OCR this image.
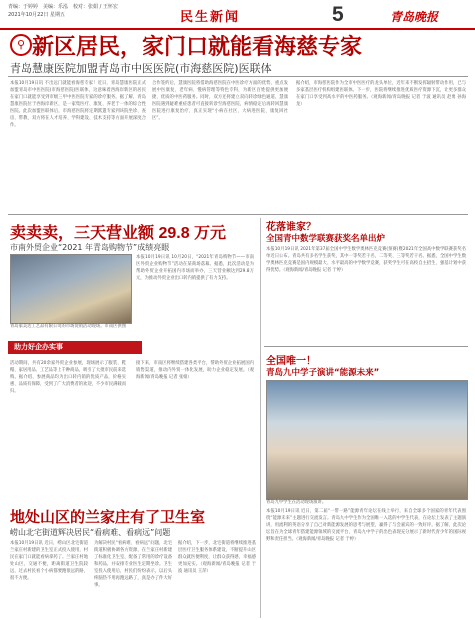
青编：于婷婷　美编：乐泓　校对：张娟 / 王怀宏
2021年10月22日 星期五	民生新闻	5	青岛晚报
⚲ 新区居民，家门口就能看海慈专家
青岛慧康医院加盟青岛市中医医院(市海慈医院)医联体
本报10月19日讯 不出远门就能看海慈专家！近日，青岛慧康医院正式加盟青岛市中医医院(市海慈医院)医联体，这意味着西海岸新区的居民在家门口就能享受到市级三甲中医医院专家的诊疗服务。据了解，青岛慧康医院位于西海岸新区，是一家集医疗、康复、养老于一体的综合性医院。此次加盟医联体后，市海慈医院将定期派遣专家到该院坐诊、查房、带教，双方将在人才培养、学科建设、技术支持等方面开展深度合作。
合作签约后，慧康医院将借助海慈医院在中医诊疗方面的优势，重点发展中医康复、老年病、慢病管理等特色专科，为新区百姓提供更加便捷、优质的中医药服务。同时，双方还将建立双向转诊绿色通道，慧康医院遇到疑难重症患者可直接转诊至海慈医院，病情稳定后再转回慧康医院进行康复治疗，真正实现“小病在社区、大病进医院、康复回社区”。
据介绍，市海慈医院作为全市中医医疗的龙头单位，近年来不断发挥辐射带动作用，已与多家基层医疗机构组建医联体。下一步，医院将继续推进优质医疗资源下沉，让更多群众在家门口享受到高水平的中医药服务。（观海新闻/青岛晚报 记者 于波 通讯员 赵勇 孙海龙）
卖卖卖，三天营业额 29.8 万元
市南外贸企业“2021 年青岛购物节”成绩亮眼
青岛家美达工艺品有限公司的市场促销活动现场。市南区供图
本报10月19日讯 10月20日，“2021年青岛购物节——市南区外贸企业购物节”活动在某商场落幕。据悉，此次活动是为帮助外贸企业开拓国内市场而举办，三天营业额达到29.8万元，为推动外贸企业出口转内销提供了有力支持。
活动期间，共有20余家外贸企业参展，现场展示了服装、鞋帽、家居用品、工艺品等上千种商品，吸引了大批市民前来选购。据介绍，参展商品均为出口转内销的优质产品，价格实惠、品质有保障，受到了广大消费者的欢迎，不少市民满载而归。
接下来，市南区将继续搭建各类平台，帮助外贸企业拓展国内销售渠道，推动内外贸一体化发展，助力企业稳定发展。（观海新闻/青岛晚报 记者 张娟）
花落谁家？
全国青中数学联赛获奖名单出炉
本报10月19日讯 2021年第37届全国中学生数学奥林匹克竞赛(预赛)暨2021年全国高中数学联赛获奖名单近日公布。青岛共有多名学生获奖，其中一等奖若干名，二等奖、三等奖若干名。据悉，全国中学生数学奥林匹克竞赛是国内规模最大、水平最高的中学数学竞赛，获奖学生可在高校自主招生、强基计划中获得优势。（观海新闻/青岛晚报 记者 于婷）
全国唯一！
青岛九中学子演讲“能源未来”
青岛九中学生在活动现场演讲。
本报10月19日讯 近日，第二届“一带一路”能源青年论坛在线上举行，来自全球多个国家的青年代表围绕“能源未来”主题进行交流发言。青岛九中学生作为全国唯一入选的中学生代表，在论坛上发表了主题演讲，用流利的英语分享了自己对新能源发展的思考与展望，赢得了与会嘉宾的一致好评。据了解，此次论坛旨在为全球青年搭建能源领域的交流平台，青岛九中学子的出色表现充分展示了新时代青少年的国际视野和责任担当。（观海新闻/青岛晚报 记者 于婷）
助力好企办实事
地处山区的兰家庄有了卫生室
崂山北宅街道辉决居民“看病难、看病远”问题
本报10月19日讯 近日，崂山区北宅街道兰家庄村新建的卫生室正式投入使用，村民在家门口就能看病拿药了。兰家庄村地处山区，交通不便，距离街道卫生院较远，过去村民看个小病都要跑很远的路，很不方便。
为解决村民“看病难、看病远”问题，北宅街道积极协调各方资源，在兰家庄村新建了标准化卫生室，配备了常用的诊疗设备和药品，并安排专业医生定期坐诊。卫生室投入使用后，村民们纷纷表示，以后头疼脑热不用再跑远路了，真是办了件大好事。
据介绍，下一步，北宅街道将继续推进基层医疗卫生服务体系建设，不断提升山区群众就医便利度，让群众获得感、幸福感更加充实。（观海新闻/青岛晚报 记者 于波 通讯员 王萍）
